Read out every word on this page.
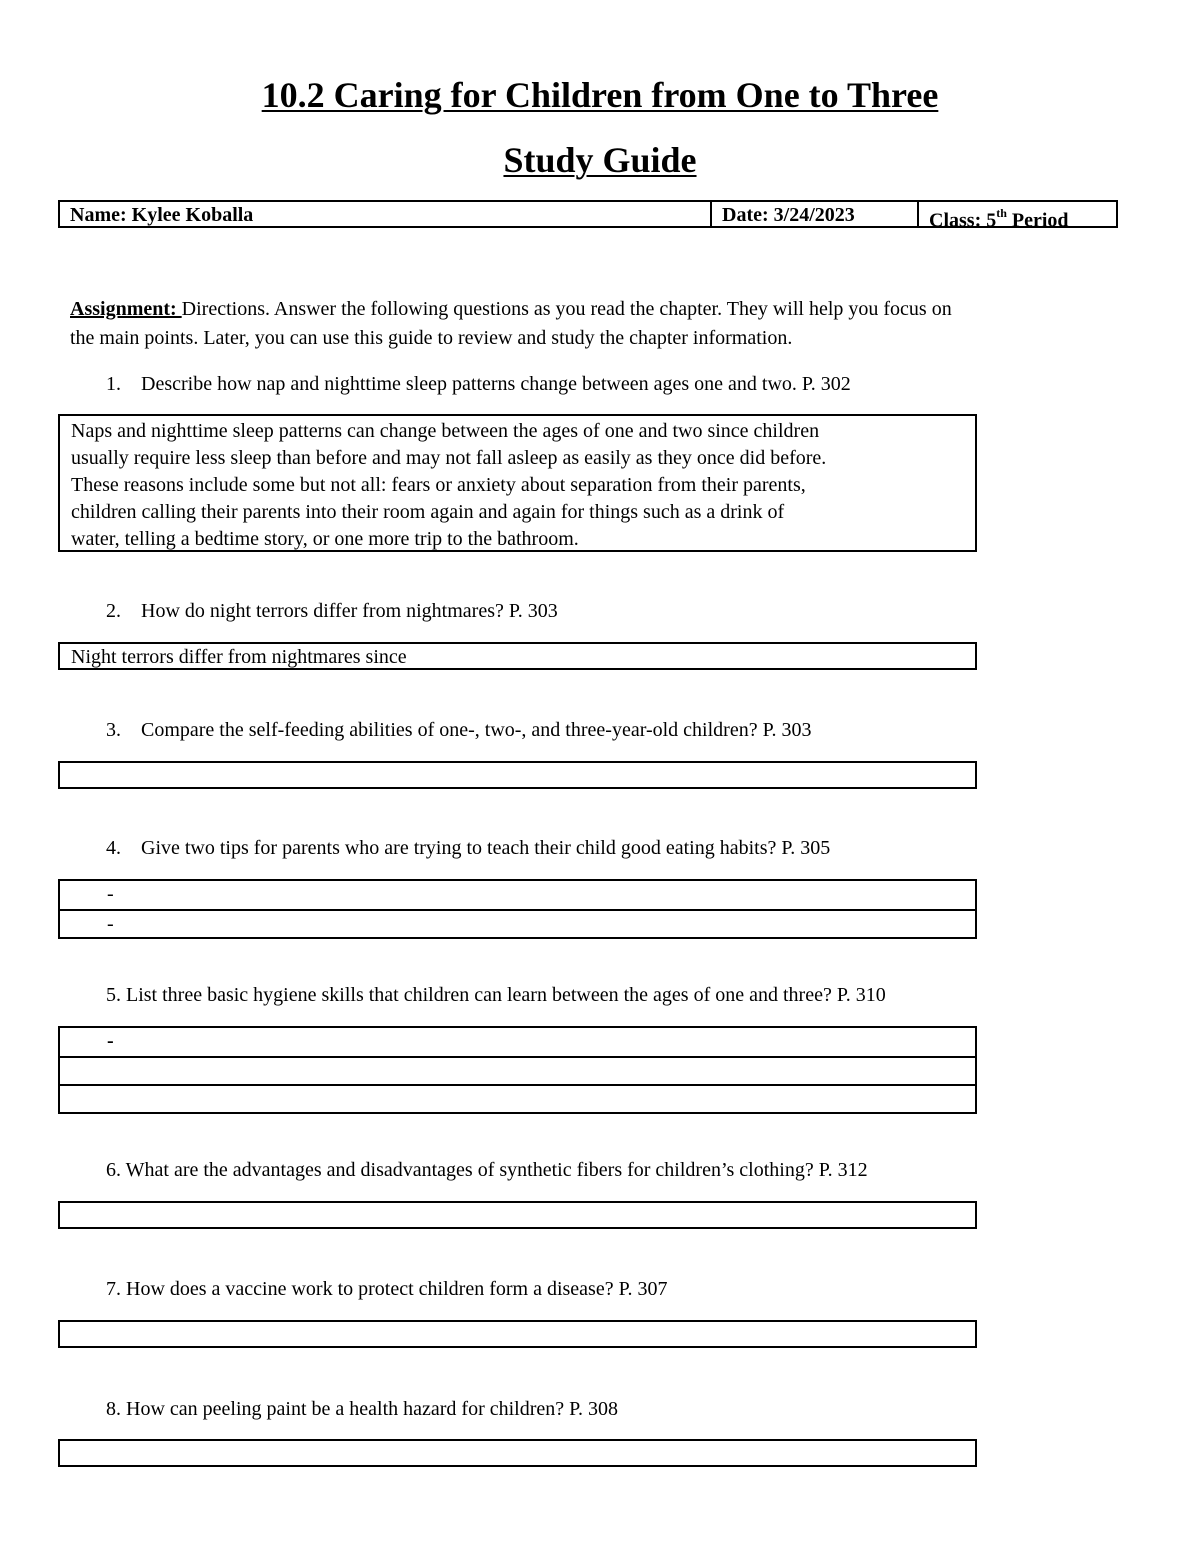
10.2 Caring for Children from One to Three
Study Guide
Name: Kylee Koballa	Date: 3/24/2023	Class: 5th Period
Assignment: Directions. Answer the following questions as you read the chapter. They will help you focus on
the main points. Later, you can use this guide to review and study the chapter information.
1. Describe how nap and nighttime sleep patterns change between ages one and two. P. 302
Naps and nighttime sleep patterns can change between the ages of one and two since children
usually require less sleep than before and may not fall asleep as easily as they once did before.
These reasons include some but not all: fears or anxiety about separation from their parents,
children calling their parents into their room again and again for things such as a drink of
water, telling a bedtime story, or one more trip to the bathroom.
2. How do night terrors differ from nightmares? P. 303
Night terrors differ from nightmares since
3. Compare the self-feeding abilities of one-, two-, and three-year-old children? P. 303
4. Give two tips for parents who are trying to teach their child good eating habits? P. 305
-
-
5. List three basic hygiene skills that children can learn between the ages of one and three? P. 310
-
6. What are the advantages and disadvantages of synthetic fibers for children’s clothing? P. 312
7. How does a vaccine work to protect children form a disease? P. 307
8. How can peeling paint be a health hazard for children? P. 308
